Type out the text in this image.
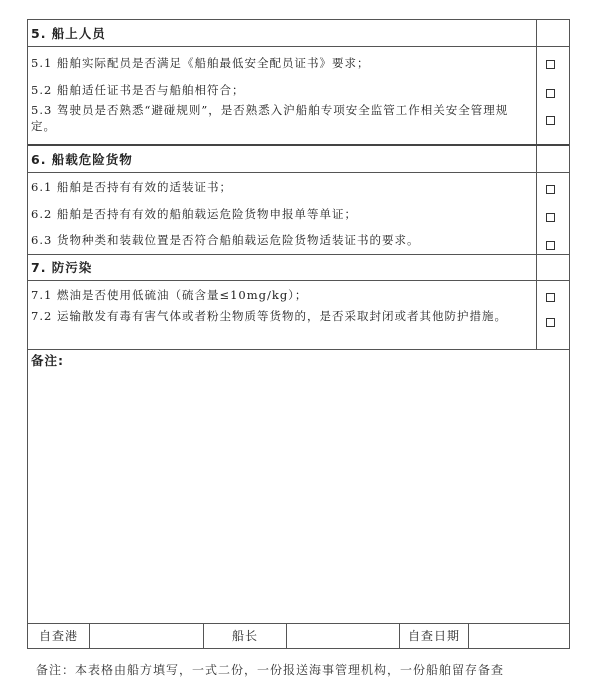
5. 船上人员
5.1 船舶实际配员是否满足《船舶最低安全配员证书》要求；
5.2 船舶适任证书是否与船舶相符合；
5.3 驾驶员是否熟悉“避碰规则”，是否熟悉入沪船舶专项安全监管工作相关安全管理规定。
6. 船载危险货物
6.1 船舶是否持有有效的适装证书；
6.2 船舶是否持有有效的船舶载运危险货物申报单等单证；
6.3 货物种类和装载位置是否符合船舶载运危险货物适装证书的要求。
7. 防污染
7.1 燃油是否使用低硫油（硫含量≤10mg/kg）；
7.2 运输散发有毒有害气体或者粉尘物质等货物的，是否采取封闭或者其他防护措施。
备注:
自查港	船长	自查日期
备注：本表格由船方填写，一式二份，一份报送海事管理机构，一份船舶留存备查
